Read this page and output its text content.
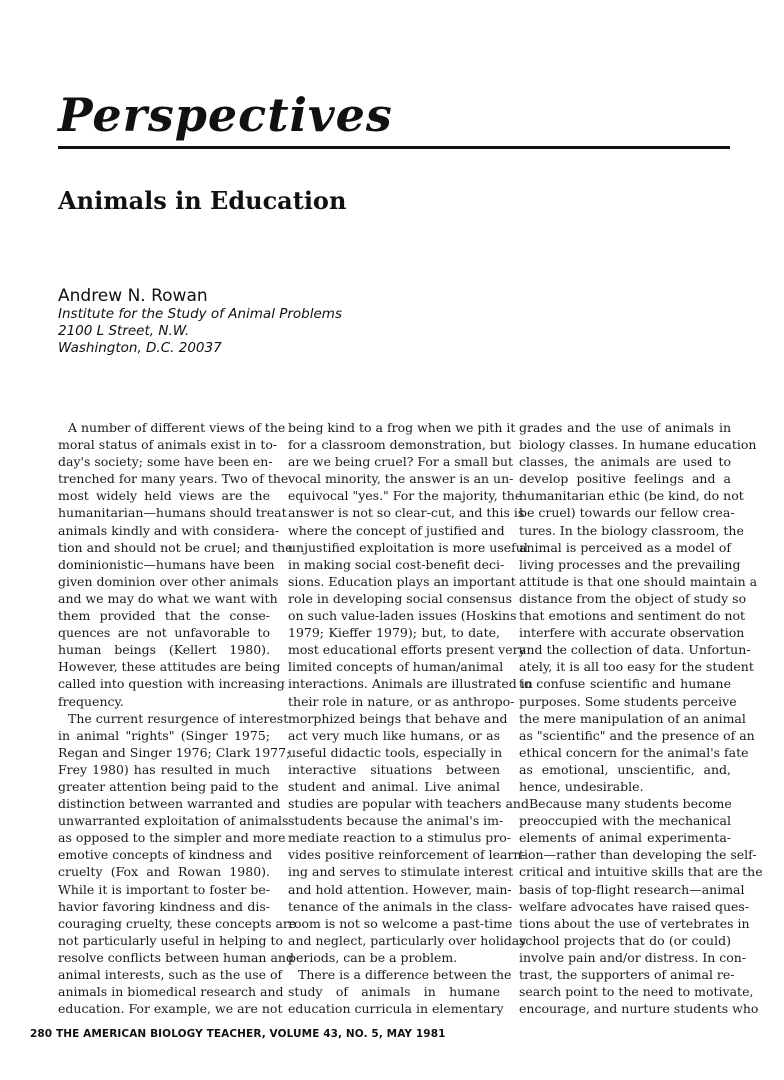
Perspectives
Animals in Education
Andrew N. Rowan
Institute for the Study of Animal Problems
2100 L Street, N.W.
Washington, D.C. 20037
A number of different views of the
moral status of animals exist in to-
day's society; some have been en-
trenched for many years. Two of the
most widely held views are the
humanitarian—humans should treat
animals kindly and with considera-
tion and should not be cruel; and the
dominionistic—humans have been
given dominion over other animals
and we may do what we want with
them provided that the conse-
quences are not unfavorable to
human beings (Kellert 1980).
However, these attitudes are being
called into question with increasing
frequency.
The current resurgence of interest
in animal "rights" (Singer 1975;
Regan and Singer 1976; Clark 1977;
Frey 1980) has resulted in much
greater attention being paid to the
distinction between warranted and
unwarranted exploitation of animals
as opposed to the simpler and more
emotive concepts of kindness and
cruelty (Fox and Rowan 1980).
While it is important to foster be-
havior favoring kindness and dis-
couraging cruelty, these concepts are
not particularly useful in helping to
resolve conflicts between human and
animal interests, such as the use of
animals in biomedical research and
education. For example, we are not
being kind to a frog when we pith it
for a classroom demonstration, but
are we being cruel? For a small but
vocal minority, the answer is an un-
equivocal "yes." For the majority, the
answer is not so clear-cut, and this is
where the concept of justified and
unjustified exploitation is more useful
in making social cost-benefit deci-
sions. Education plays an important
role in developing social consensus
on such value-laden issues (Hoskins
1979; Kieffer 1979); but, to date,
most educational efforts present very
limited concepts of human/animal
interactions. Animals are illustrated in
their role in nature, or as anthropo-
morphized beings that behave and
act very much like humans, or as
useful didactic tools, especially in
interactive situations between
student and animal. Live animal
studies are popular with teachers and
students because the animal's im-
mediate reaction to a stimulus pro-
vides positive reinforcement of learn-
ing and serves to stimulate interest
and hold attention. However, main-
tenance of the animals in the class-
room is not so welcome a past-time
and neglect, particularly over holiday
periods, can be a problem.
There is a difference between the
study of animals in humane
education curricula in elementary
grades and the use of animals in
biology classes. In humane education
classes, the animals are used to
develop positive feelings and a
humanitarian ethic (be kind, do not
be cruel) towards our fellow crea-
tures. In the biology classroom, the
animal is perceived as a model of
living processes and the prevailing
attitude is that one should maintain a
distance from the object of study so
that emotions and sentiment do not
interfere with accurate observation
and the collection of data. Unfortun-
ately, it is all too easy for the student
to confuse scientific and humane
purposes. Some students perceive
the mere manipulation of an animal
as "scientific" and the presence of an
ethical concern for the animal's fate
as emotional, unscientific, and,
hence, undesirable.
Because many students become
preoccupied with the mechanical
elements of animal experimenta-
tion—rather than developing the self-
critical and intuitive skills that are the
basis of top-flight research—animal
welfare advocates have raised ques-
tions about the use of vertebrates in
school projects that do (or could)
involve pain and/or distress. In con-
trast, the supporters of animal re-
search point to the need to motivate,
encourage, and nurture students who
280 THE AMERICAN BIOLOGY TEACHER, VOLUME 43, NO. 5, MAY 1981
